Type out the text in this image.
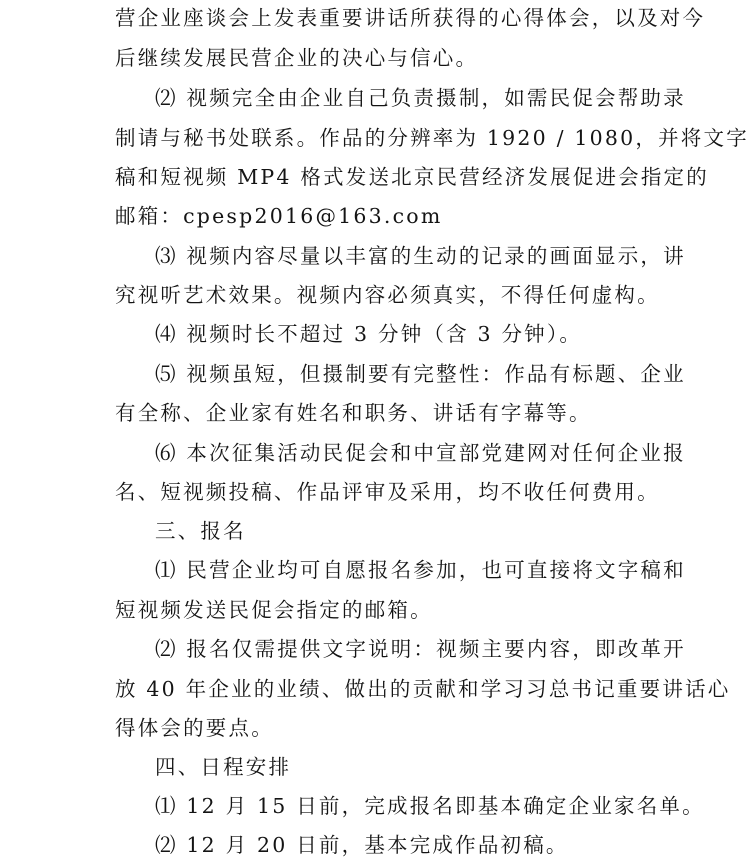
营企业座谈会上发表重要讲话所获得的心得体会，以及对今
后继续发展民营企业的决心与信心。
⑵ 视频完全由企业自己负责摄制，如需民促会帮助录
制请与秘书处联系。作品的分辨率为 1920 / 1080，并将文字
稿和短视频 MP4 格式发送北京民营经济发展促进会指定的
邮箱：cpesp2016@163.com
⑶ 视频内容尽量以丰富的生动的记录的画面显示，讲
究视听艺术效果。视频内容必须真实，不得任何虚构。
⑷ 视频时长不超过 3 分钟（含 3 分钟）。
⑸ 视频虽短，但摄制要有完整性：作品有标题、企业
有全称、企业家有姓名和职务、讲话有字幕等。
⑹ 本次征集活动民促会和中宣部党建网对任何企业报
名、短视频投稿、作品评审及采用，均不收任何费用。
三、报名
⑴ 民营企业均可自愿报名参加，也可直接将文字稿和
短视频发送民促会指定的邮箱。
⑵ 报名仅需提供文字说明：视频主要内容，即改革开
放 40 年企业的业绩、做出的贡献和学习习总书记重要讲话心
得体会的要点。
四、日程安排
⑴ 12 月 15 日前，完成报名即基本确定企业家名单。
⑵ 12 月 20 日前，基本完成作品初稿。
